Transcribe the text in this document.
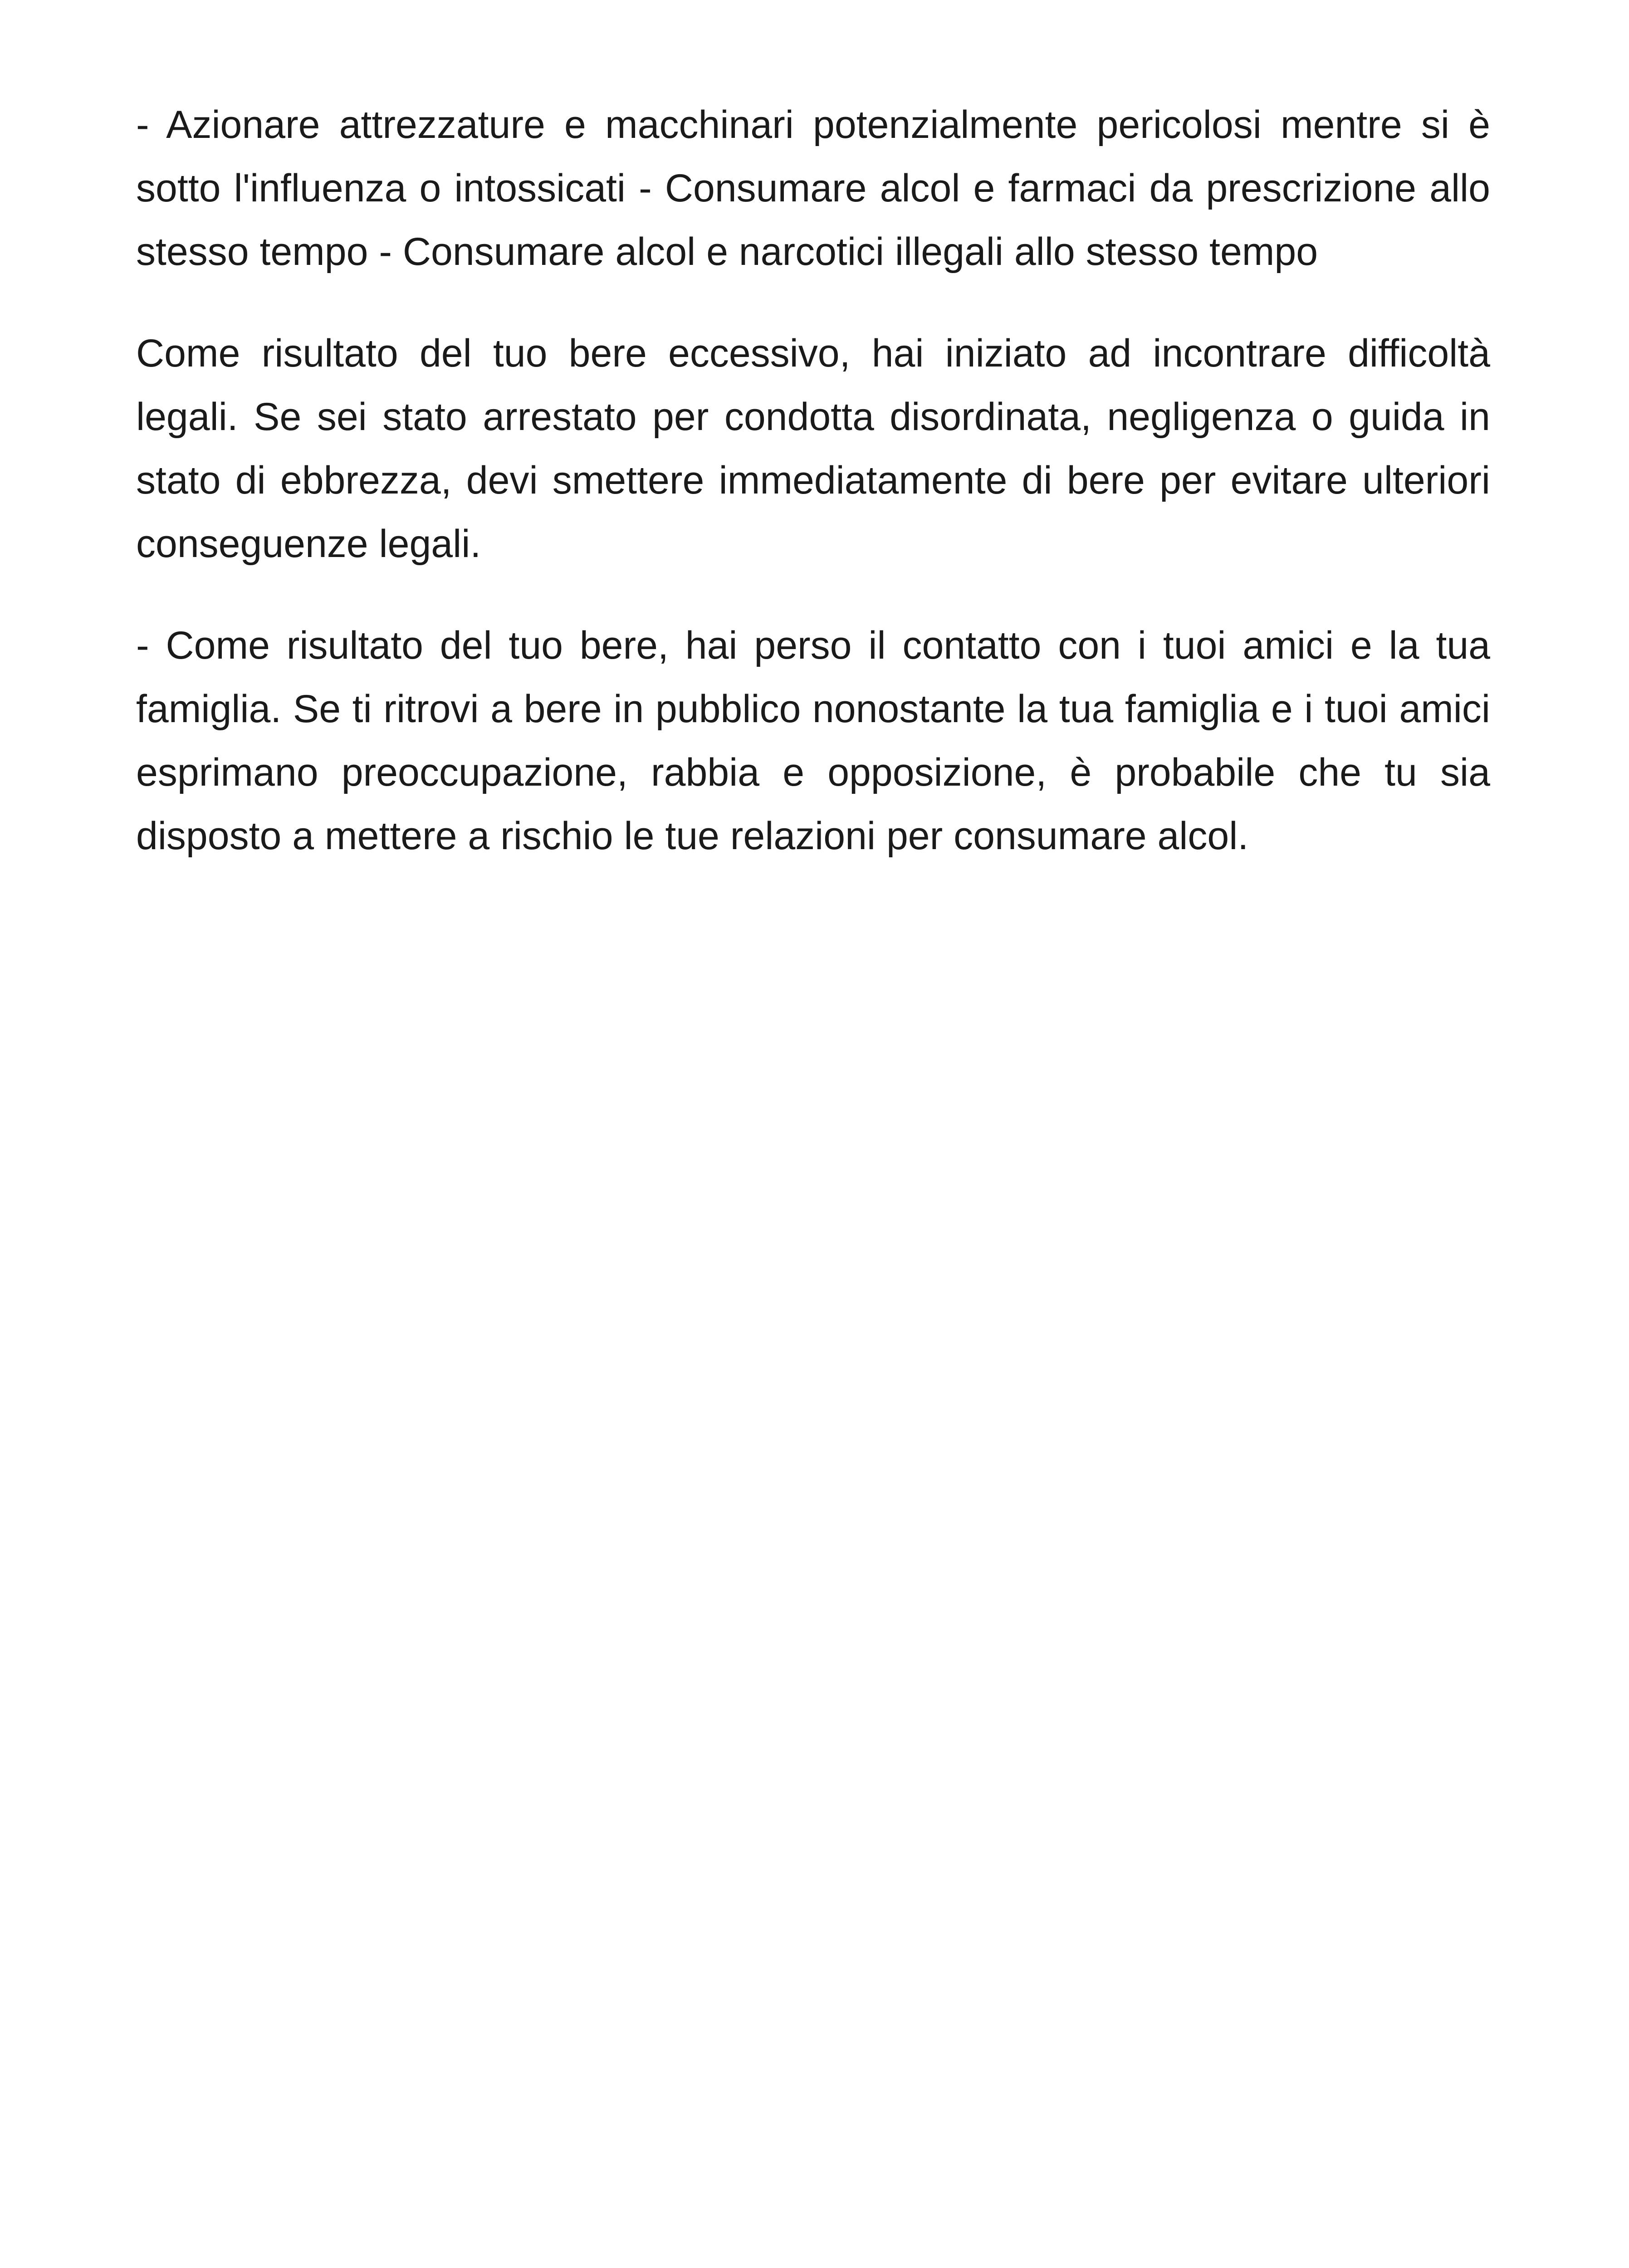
- Azionare attrezzature e macchinari potenzialmente pericolosi mentre si è sotto l'influenza o intossicati - Consumare alcol e farmaci da prescrizione allo stesso tempo - Consumare alcol e narcotici illegali allo stesso tempo

Come risultato del tuo bere eccessivo, hai iniziato ad incontrare difficoltà legali. Se sei stato arrestato per condotta disordinata, negligenza o guida in stato di ebbrezza, devi smettere immediatamente di bere per evitare ulteriori conseguenze legali.

- Come risultato del tuo bere, hai perso il contatto con i tuoi amici e la tua famiglia. Se ti ritrovi a bere in pubblico nonostante la tua famiglia e i tuoi amici esprimano preoccupazione, rabbia e opposizione, è probabile che tu sia disposto a mettere a rischio le tue relazioni per consumare alcol.
